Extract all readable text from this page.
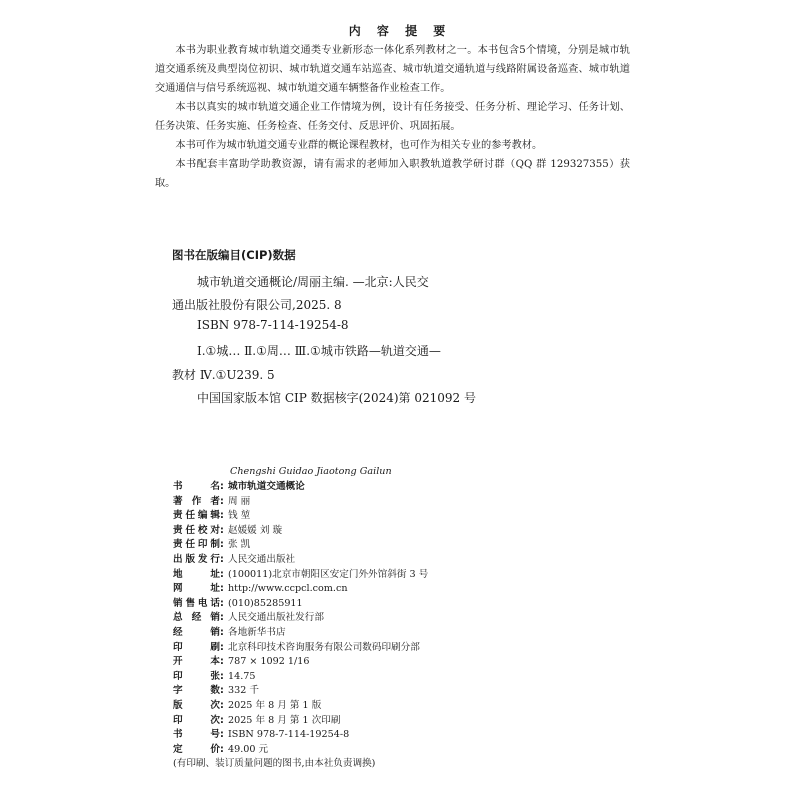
内 容 提 要
本书为职业教育城市轨道交通类专业新形态一体化系列教材之一。本书包含5个情境，分别是城市轨道交通系统及典型岗位初识、城市轨道交通车站巡查、城市轨道交通轨道与线路附属设备巡查、城市轨道交通通信与信号系统巡视、城市轨道交通车辆整备作业检查工作。
本书以真实的城市轨道交通企业工作情境为例，设计有任务接受、任务分析、理论学习、任务计划、任务决策、任务实施、任务检查、任务交付、反思评价、巩固拓展。
本书可作为城市轨道交通专业群的概论课程教材，也可作为相关专业的参考教材。
本书配套丰富助学助教资源，请有需求的老师加入职教轨道教学研讨群（QQ 群 129327355）获取。
图书在版编目(CIP)数据
城市轨道交通概论/周丽主编. —北京:人民交
通出版社股份有限公司,2025. 8
ISBN 978-7-114-19254-8
Ⅰ.①城… Ⅱ.①周… Ⅲ.①城市铁路—轨道交通—
教材 Ⅳ.①U239. 5
中国国家版本馆 CIP 数据核字(2024)第 021092 号
Chengshi Guidao Jiaotong Gailun
书名 : 城市轨道交通概论
著作者 : 周 丽
责任编辑 : 钱 堃
责任校对 : 赵媛媛 刘 璇
责任印制 : 张 凯
出版发行 : 人民交通出版社
地址 : (100011)北京市朝阳区安定门外外馆斜街 3 号
网址 : http://www.ccpcl.com.cn
销售电话 : (010)85285911
总经销 : 人民交通出版社发行部
经销 : 各地新华书店
印刷 : 北京科印技术咨询服务有限公司数码印刷分部
开本 : 787 × 1092 1/16
印张 : 14.75
字数 : 332 千
版次 : 2025 年 8 月 第 1 版
印次 : 2025 年 8 月 第 1 次印刷
书号 : ISBN 978-7-114-19254-8
定价 : 49.00 元
(有印刷、装订质量问题的图书,由本社负责调换)
